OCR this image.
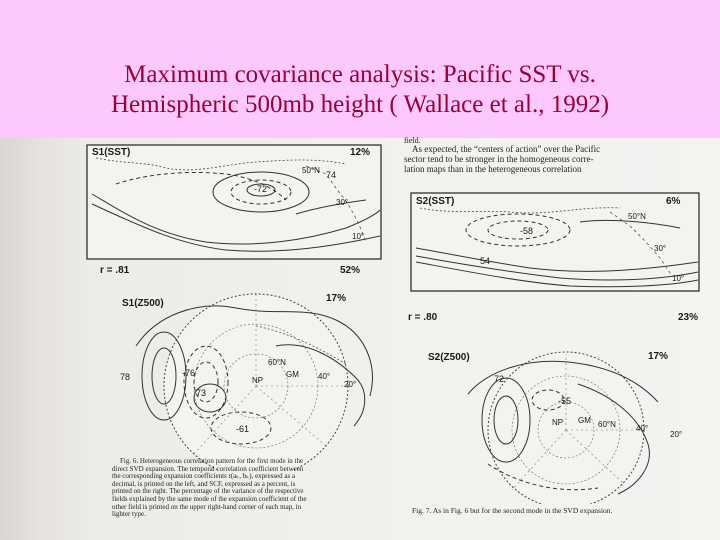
Maximum covariance analysis: Pacific SST vs.
Hemispheric 500mb height ( Wallace et al., 1992)
field.
As expected, the “centers of action” over the Pacific
sector tend to be stronger in the homogeneous corre-
lation maps than in the heterogeneous correlation
S1(SST)	12%
-72
74
50°N
30°
10°
r = .81	52%
S1(Z500)	17%
78	-76
73
-61
NP
GM
60°N
40°
20°
S2(SST)	6%
-58
54
50°N
30°
10°
r = .80	23%
S2(Z500)	17%
72
-55
NP GM 60°N	40°
20°
Fig. 6. Heterogeneous correlation pattern for the first mode in the
direct SVD expansion. The temporal correlation coefficient between
the corresponding expansion coefficients r(aₖ, bₖ), expressed as a
decimal, is printed on the left, and SCF, expressed as a percent, is
printed on the right. The percentage of the variance of the respective
fields explained by the same mode of the expansion coefficient of the
other field is printed on the upper right-hand corner of each map, in
lighter type.	Fig. 7. As in Fig. 6 but for the second mode in the SVD expansion.
